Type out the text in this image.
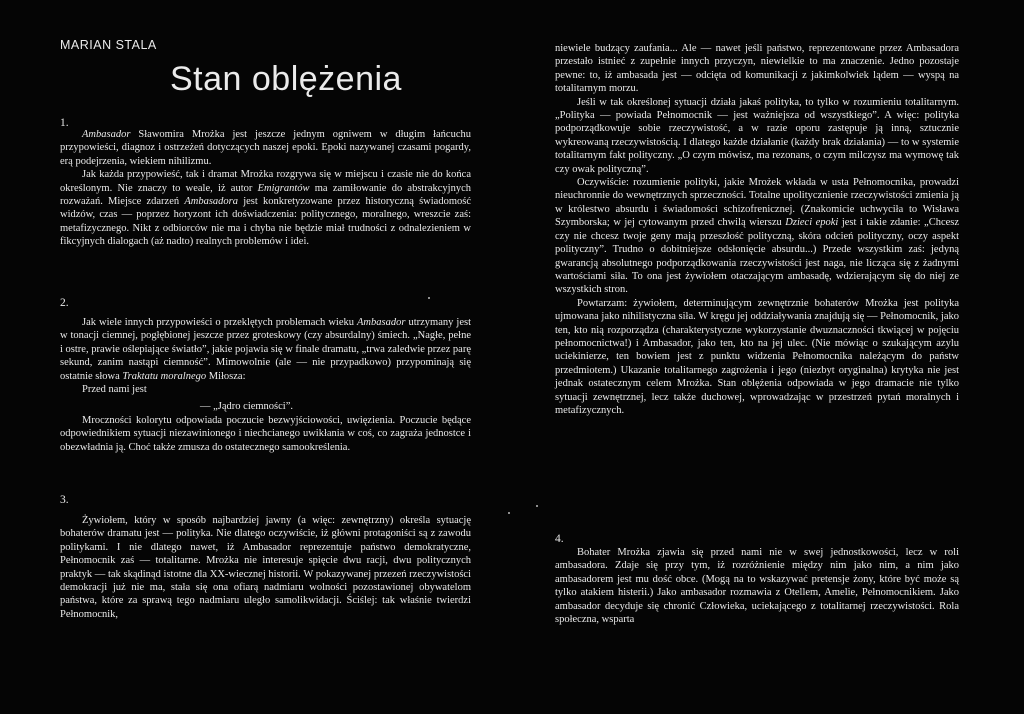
MARIAN STALA
Stan oblężenia
1.

Ambasador Sławomira Mrożka jest jeszcze jednym ogniwem w długim łańcuchu przypowieści, diagnoz i ostrzeżeń dotyczących naszej epoki. Epoki nazywanej czasami pogardy, erą podejrzenia, wiekiem nihilizmu.

Jak każda przypowieść, tak i dramat Mrożka rozgrywa się w miejscu i czasie nie do końca określonym. Nie znaczy to weale, iż autor Emigrantów ma zamiłowanie do abstrakcyjnych rozważań. Miejsce zdarzeń Ambasadora jest konkretyzowane przez historyczną świadomość widzów, czas — poprzez horyzont ich doświadczenia: politycznego, moralnego, wreszcie zaś: metafizycznego. Nikt z odbiorców nie ma i chyba nie będzie miał trudności z odnalezieniem w fikcyjnych dialogach (aż nadto) realnych problemów i idei.

2.

Jak wiele innych przypowieści o przeklętych problemach wieku Ambasador utrzymany jest w tonacji ciemnej, pogłębionej jeszcze przez groteskowy (czy absurdalny) śmiech. „Nagłe, pełne i ostre, prawie oślepiające światło”, jakie pojawia się w finale dramatu, „trwa zaledwie przez parę sekund, zanim nastąpi ciemność”. Mimowolnie (ale — nie przypadkowo) przypominają się ostatnie słowa Traktatu moralnego Miłosza:

Przed nami jest

— „Jądro ciemności”.

Mroczności kolorytu odpowiada poczucie bezwyjściowości, uwięzienia. Poczucie będące odpowiednikiem sytuacji niezawinionego i niechcianego uwikłania w coś, co zagraża jednostce i obezwładnia ją. Choć także zmusza do ostatecznego samookreślenia.

3.

Żywiołem, który w sposób najbardziej jawny (a więc: zewnętrzny) określa sytuację bohaterów dramatu jest — polityka. Nie dlatego oczywiście, iż główni protagoniści są z zawodu politykami. I nie dlatego nawet, iż Ambasador reprezentuje państwo demokratyczne, Pełnomocnik zaś — totalitarne. Mrożka nie interesuje spięcie dwu racji, dwu politycznych praktyk — tak skądinąd istotne dla XX-wiecznej historii. W pokazywanej przezeń rzeczywistości demokracji już nie ma, stała się ona ofiarą nadmiaru wolności pozostawionej obywatelom państwa, które za sprawą tego nadmiaru uległo samolikwidacji. Ściślej: tak właśnie twierdzi Pełnomocnik,

niewiele budzący zaufania... Ale — nawet jeśli państwo, reprezentowane przez Ambasadora przestało istnieć z zupełnie innych przyczyn, niewielkie to ma znaczenie. Jedno pozostaje pewne: to, iż ambasada jest — odcięta od komunikacji z jakimkolwiek lądem — wyspą na totalitarnym morzu.

Jeśli w tak określonej sytuacji działa jakaś polityka, to tylko w rozumieniu totalitarnym. „Polityka — powiada Pełnomocnik — jest ważniejsza od wszystkiego”. A więc: polityka podporządkowuje sobie rzeczywistość, a w razie oporu zastępuje ją inną, sztucznie wykreowaną rzeczywistością. I dlatego każde działanie (każdy brak działania) — to w systemie totalitarnym fakt polityczny. „O czym mówisz, ma rezonans, o czym milczysz ma wymowę tak czy owak polityczną”.

Oczywiście: rozumienie polityki, jakie Mrożek wkłada w usta Pełnomocnika, prowadzi nieuchronnie do wewnętrznych sprzeczności. Totalne upolitycznienie rzeczywistości zmienia ją w królestwo absurdu i świadomości schizofrenicznej. (Znakomicie uchwyciła to Wisława Szymborska; w jej cytowanym przed chwilą wierszu Dzieci epoki jest i takie zdanie: „Chcesz czy nie chcesz twoje geny mają przeszłość polityczną, skóra odcień polityczny, oczy aspekt polityczny”. Trudno o dobitniejsze odsłonięcie absurdu...) Przede wszystkim zaś: jedyną gwarancją absolutnego podporządkowania rzeczywistości jest naga, nie licząca się z żadnymi wartościami siła. To ona jest żywiołem otaczającym ambasadę, wdzierającym się do niej ze wszystkich stron.

Powtarzam: żywiołem, determinującym zewnętrznie bohaterów Mrożka jest polityka ujmowana jako nihilistyczna siła. W kręgu jej oddziaływania znajdują się — Pełnomocnik, jako ten, kto nią rozporządza (charakterystyczne wykorzystanie dwuznaczności tkwiącej w pojęciu pełnomocnictwa!) i Ambasador, jako ten, kto na jej ulec. (Nie mówiąc o szukającym azylu uciekinierze, ten bowiem jest z punktu widzenia Pełnomocnika należącym do państw przedmiotem.) Ukazanie totalitarnego zagrożenia i jego (niezbyt oryginalna) krytyka nie jest jednak ostatecznym celem Mrożka. Stan oblężenia odpowiada w jego dramacie nie tylko sytuacji zewnętrznej, lecz także duchowej, wprowadzając w przestrzeń pytań moralnych i metafizycznych.

4.

Bohater Mrożka zjawia się przed nami nie w swej jednostkowości, lecz w roli ambasadora. Zdaje się przy tym, iż rozróżnienie między nim jako nim, a nim jako ambasadorem jest mu dość obce. (Mogą na to wskazywać pretensje żony, które być może są tylko atakiem histerii.) Jako ambasador rozmawia z Otellem, Amelie, Pełnomocnikiem. Jako ambasador decyduje się chronić Człowieka, uciekającego z totalitarnej rzeczywistości. Rola społeczna, wsparta
